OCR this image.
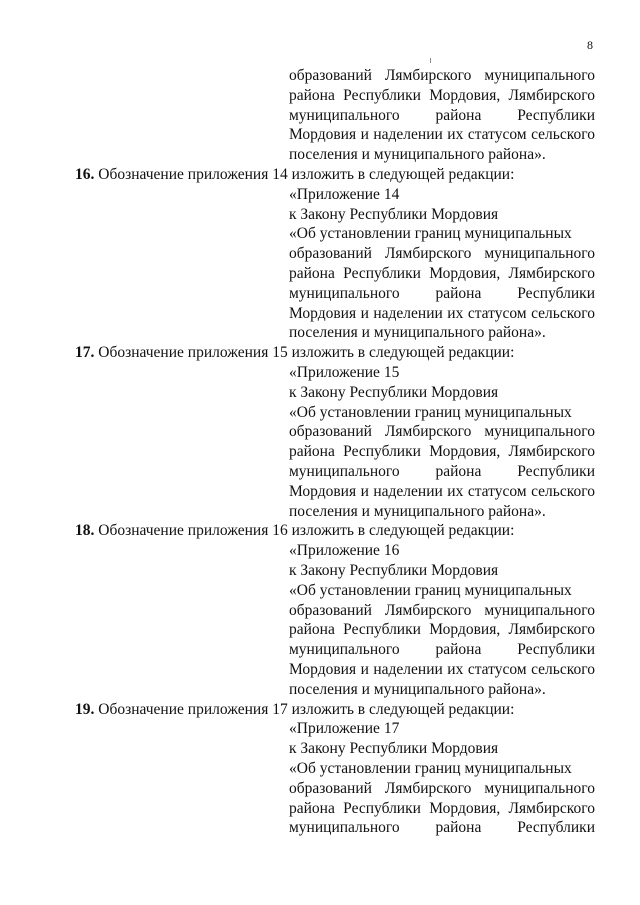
8
образований Лямбирского муниципального
района Республики Мордовия, Лямбирского
муниципального района Республики
Мордовия и наделении их статусом сельского
поселения и муниципального района».
16. Обозначение приложения 14 изложить в следующей редакции:
«Приложение 14
к Закону Республики Мордовия
«Об установлении границ муниципальных
образований Лямбирского муниципального
района Республики Мордовия, Лямбирского
муниципального района Республики
Мордовия и наделении их статусом сельского
поселения и муниципального района».
17. Обозначение приложения 15 изложить в следующей редакции:
«Приложение 15
к Закону Республики Мордовия
«Об установлении границ муниципальных
образований Лямбирского муниципального
района Республики Мордовия, Лямбирского
муниципального района Республики
Мордовия и наделении их статусом сельского
поселения и муниципального района».
18. Обозначение приложения 16 изложить в следующей редакции:
«Приложение 16
к Закону Республики Мордовия
«Об установлении границ муниципальных
образований Лямбирского муниципального
района Республики Мордовия, Лямбирского
муниципального района Республики
Мордовия и наделении их статусом сельского
поселения и муниципального района».
19. Обозначение приложения 17 изложить в следующей редакции:
«Приложение 17
к Закону Республики Мордовия
«Об установлении границ муниципальных
образований Лямбирского муниципального
района Республики Мордовия, Лямбирского
муниципального района Республики
